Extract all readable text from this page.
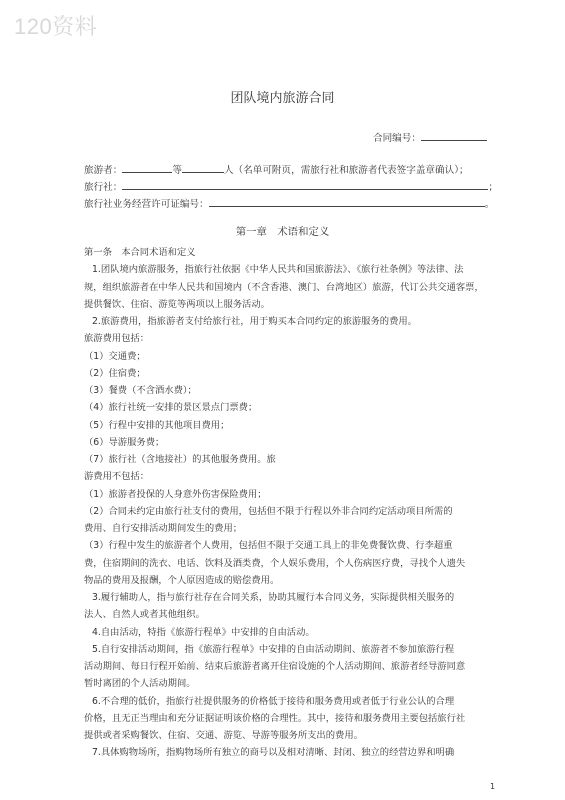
120资料
团队境内旅游合同
合同编号：
旅游者：	等	人（名单可附页，需旅行社和旅游者代表签字盖章确认）；
旅行社：	；
旅行社业务经营许可证编号：	。
第一章　术语和定义
第一条　本合同术语和定义
1.团队境内旅游服务，指旅行社依据《中华人民共和国旅游法》、《旅行社条例》等法律、法
规，组织旅游者在中华人民共和国境内（不含香港、澳门、台湾地区）旅游，代订公共交通客票，
提供餐饮、住宿、游览等两项以上服务活动。
2.旅游费用，指旅游者支付给旅行社，用于购买本合同约定的旅游服务的费用。
旅游费用包括：
（1）交通费；
（2）住宿费；
（3）餐费（不含酒水费）；
（4）旅行社统一安排的景区景点门票费；
（5）行程中安排的其他项目费用；
（6）导游服务费；
（7）旅行社（含地接社）的其他服务费用。旅
游费用不包括：
（1）旅游者投保的人身意外伤害保险费用；
（2）合同未约定由旅行社支付的费用，包括但不限于行程以外非合同约定活动项目所需的
费用、自行安排活动期间发生的费用；
（3）行程中发生的旅游者个人费用，包括但不限于交通工具上的非免费餐饮费、行李超重
费，住宿期间的洗衣、电话、饮料及酒类费，个人娱乐费用，个人伤病医疗费，寻找个人遗失
物品的费用及报酬，个人原因造成的赔偿费用。
3.履行辅助人，指与旅行社存在合同关系，协助其履行本合同义务，实际提供相关服务的
法人、自然人或者其他组织。
4.自由活动，特指《旅游行程单》中安排的自由活动。
5.自行安排活动期间，指《旅游行程单》中安排的自由活动期间、旅游者不参加旅游行程
活动期间、每日行程开始前、结束后旅游者离开住宿设施的个人活动期间、旅游者经导游同意
暂时离团的个人活动期间。
6.不合理的低价，指旅行社提供服务的价格低于接待和服务费用或者低于行业公认的合理
价格，且无正当理由和充分证据证明该价格的合理性。其中，接待和服务费用主要包括旅行社
提供或者采购餐饮、住宿、交通、游览、导游等服务所支出的费用。
7.具体购物场所，指购物场所有独立的商号以及相对清晰、封闭、独立的经营边界和明确
1
